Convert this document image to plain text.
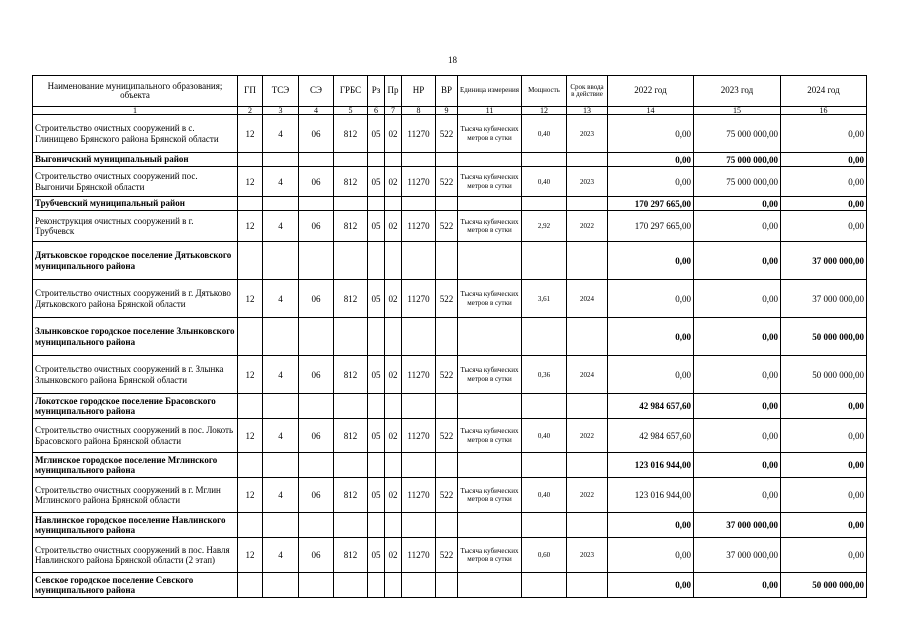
18
Наименование муниципального образования; объекта	ГП	ТСЭ	СЭ	ГРБС	Рз	Пр	НР	ВР	Единица измерения	Мощность	Срок ввода в действие	2022 год	2023 год	2024 год
1	2	3	4	5	6	7	8	9	11	12	13	14	15	16
Строительство очистных сооружений в с. Глинищево Брянского района Брянской области	12	4	06	812	05	02	11270	522	Тысяча кубических метров в сутки	0,40	2023	0,00	75 000 000,00	0,00
Выгоничский муниципальный район												0,00	75 000 000,00	0,00
Строительство очистных сооружений пос. Выгоничи Брянской области	12	4	06	812	05	02	11270	522	Тысяча кубических метров в сутки	0,40	2023	0,00	75 000 000,00	0,00
Трубчевский муниципальный район												170 297 665,00	0,00	0,00
Реконструкция очистных сооружений в г. Трубчевск	12	4	06	812	05	02	11270	522	Тысяча кубических метров в сутки	2,92	2022	170 297 665,00	0,00	0,00
Дятьковское городское поселение Дятьковского муниципального района												0,00	0,00	37 000 000,00
Строительство очистных сооружений в г. Дятьково Дятьковского района Брянской области	12	4	06	812	05	02	11270	522	Тысяча кубических метров в сутки	3,61	2024	0,00	0,00	37 000 000,00
Злынковское городское поселение Злынковского муниципального района												0,00	0,00	50 000 000,00
Строительство очистных сооружений в г. Злынка Злынковского района Брянской области	12	4	06	812	05	02	11270	522	Тысяча кубических метров в сутки	0,36	2024	0,00	0,00	50 000 000,00
Локотское городское поселение Брасовского муниципального района												42 984 657,60	0,00	0,00
Строительство очистных сооружений в пос. Локоть Брасовского района Брянской области	12	4	06	812	05	02	11270	522	Тысяча кубических метров в сутки	0,40	2022	42 984 657,60	0,00	0,00
Мглинское городское поселение Мглинского муниципального района												123 016 944,00	0,00	0,00
Строительство очистных сооружений в г. Мглин Мглинского района Брянской области	12	4	06	812	05	02	11270	522	Тысяча кубических метров в сутки	0,40	2022	123 016 944,00	0,00	0,00
Навлинское городское поселение Навлинского муниципального района												0,00	37 000 000,00	0,00
Строительство очистных сооружений в пос. Навля Навлинского района Брянской области (2 этап)	12	4	06	812	05	02	11270	522	Тысяча кубических метров в сутки	0,60	2023	0,00	37 000 000,00	0,00
Севское городское поселение Севского муниципального района												0,00	0,00	50 000 000,00
